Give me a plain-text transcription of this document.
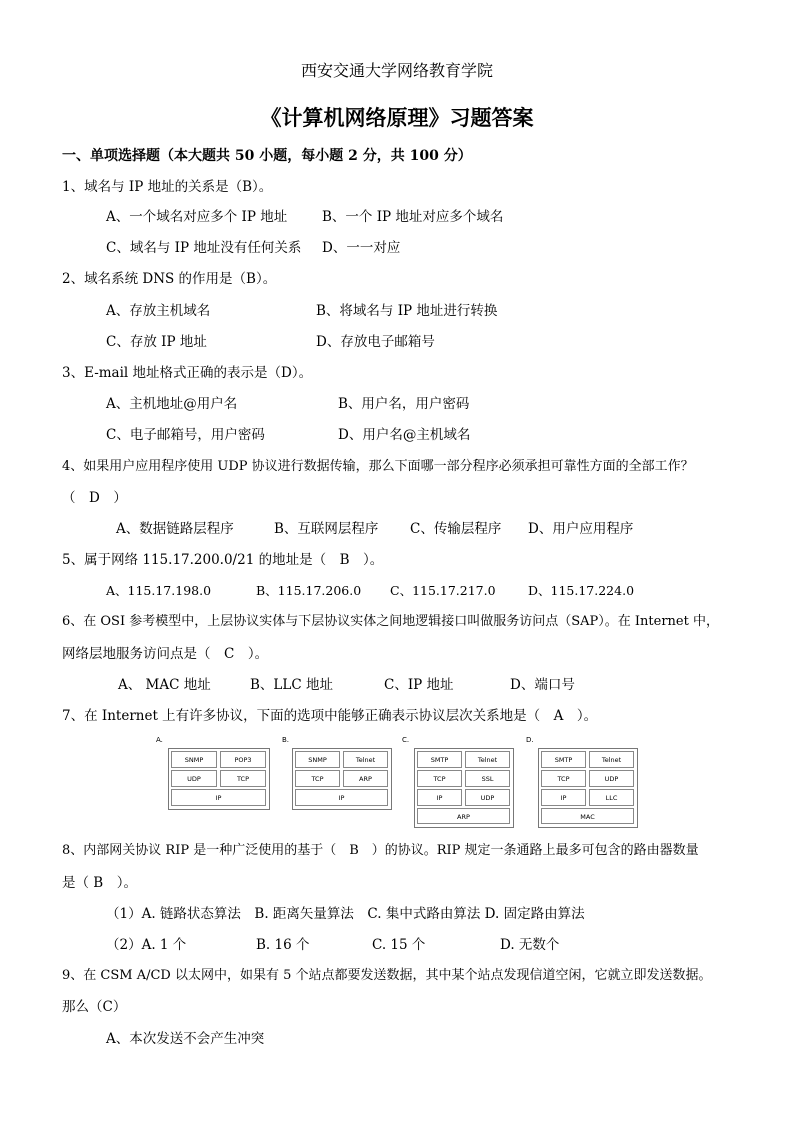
西安交通大学网络教育学院
《计算机网络原理》习题答案
一、单项选择题（本大题共 50 小题，每小题 2 分，共 100 分）
1、域名与 IP 地址的关系是（B）。
A、一个域名对应多个 IP 地址	B、一个 IP 地址对应多个域名
C、域名与 IP 地址没有任何关系 D、一一对应
2、域名系统 DNS 的作用是（B）。
A、存放主机域名	B、将域名与 IP 地址进行转换
C、存放 IP 地址	D、存放电子邮箱号
3、E-mail 地址格式正确的表示是（D）。
A、主机地址@用户名	B、用户名，用户密码
C、电子邮箱号，用户密码	D、用户名@主机域名
4、如果用户应用程序使用 UDP 协议进行数据传输，那么下面哪一部分程序必须承担可靠性方面的全部工作？
（　D　）
A、数据链路层程序	B、互联网层程序 C、传输层程序 D、用户应用程序
5、属于网络 115.17.200.0/21 的地址是（　B　）。
A、115.17.198.0	B、115.17.206.0 C、115.17.217.0	D、115.17.224.0
6、在 OSI 参考模型中，上层协议实体与下层协议实体之间地逻辑接口叫做服务访问点（SAP）。在 Internet 中，
网络层地服务访问点是（　C　）。
A、 MAC 地址	B、LLC 地址	C、IP 地址	D、端口号
7、在 Internet 上有许多协议，下面的选项中能够正确表示协议层次关系地是（　A　）。
A.
SNMP	POP3
UDP	TCP
IP
B.
SNMP	Telnet
TCP	ARP
IP
C.
SMTP	Telnet
TCP	SSL
IP	UDP
ARP
D.
SMTP	Telnet
TCP	UDP
IP	LLC
MAC
8、内部网关协议 RIP 是一种广泛使用的基于（　B　）的协议。RIP 规定一条通路上最多可包含的路由器数量
是（ B　）。
（1）A. 链路状态算法　B. 距离矢量算法　C. 集中式路由算法 D. 固定路由算法
（2）A. 1 个	B. 16 个	C. 15 个	D. 无数个
9、在 CSM A/CD 以太网中，如果有 5 个站点都要发送数据，其中某个站点发现信道空闲，它就立即发送数据。
那么（C）
A、本次发送不会产生冲突
